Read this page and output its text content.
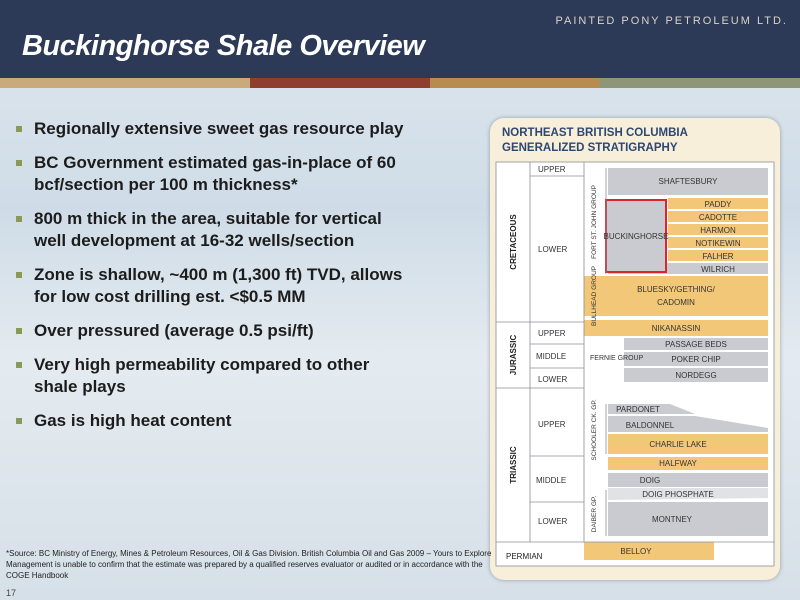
PAINTED PONY PETROLEUM LTD.
Buckinghorse Shale Overview
Regionally extensive sweet gas resource play
BC Government estimated gas-in-place of 60
bcf/section per 100 m thickness*
800 m thick in the area, suitable for vertical
well development at 16-32 wells/section
Zone is shallow, ~400 m (1,300 ft) TVD, allows
for low cost drilling est. <$0.5 MM
Over pressured (average 0.5 psi/ft)
Very high permeability compared to other
shale plays
Gas is high heat content
NORTHEAST BRITISH COLUMBIA
GENERALIZED STRATIGRAPHY
CRETACEOUS
JURASSIC
TRIASSIC
PERMIAN
UPPER
LOWER
UPPER
MIDDLE
LOWER
UPPER
MIDDLE
LOWER
FORT ST. JOHN GROUP
BULLHEAD GROUP
FERNIE GROUP
SCHOOLER CK. GP.
DAIBER GP.
SHAFTESBURY
PADDY
CADOTTE
HARMON
NOTIKEWIN
FALHER
WILRICH
BUCKINGHORSE
BLUESKY/GETHING/
CADOMIN
NIKANASSIN
PASSAGE BEDS
POKER CHIP
NORDEGG
PARDONET
BALDONNEL
CHARLIE LAKE
HALFWAY
DOIG
DOIG PHOSPHATE
MONTNEY
BELLOY
*Source: BC Ministry of Energy, Mines & Petroleum Resources, Oil & Gas Division. British Columbia Oil and Gas 2009 – Yours to Explore
Management is unable to confirm that the estimate was prepared by a qualified reserves evaluator or audited or in accordance with the
COGE Handbook
17
